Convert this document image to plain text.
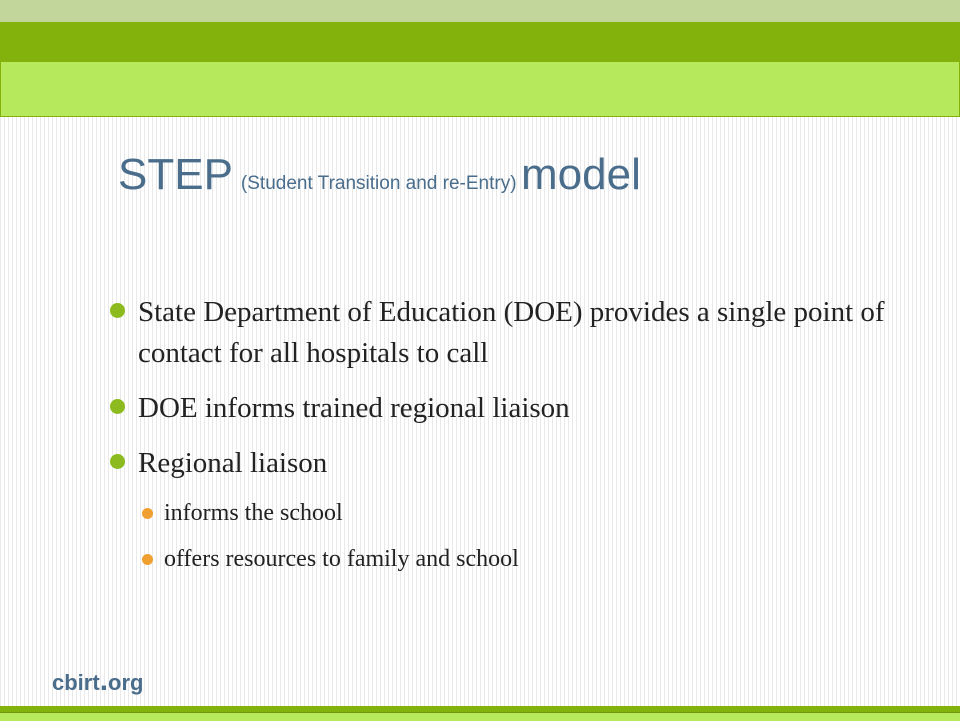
STEP (Student Transition and re-Entry) model
State Department of Education (DOE) provides a single point of contact for all hospitals to call
DOE informs trained regional liaison
Regional liaison
informs the school
offers resources to family and school
cbirt.org
